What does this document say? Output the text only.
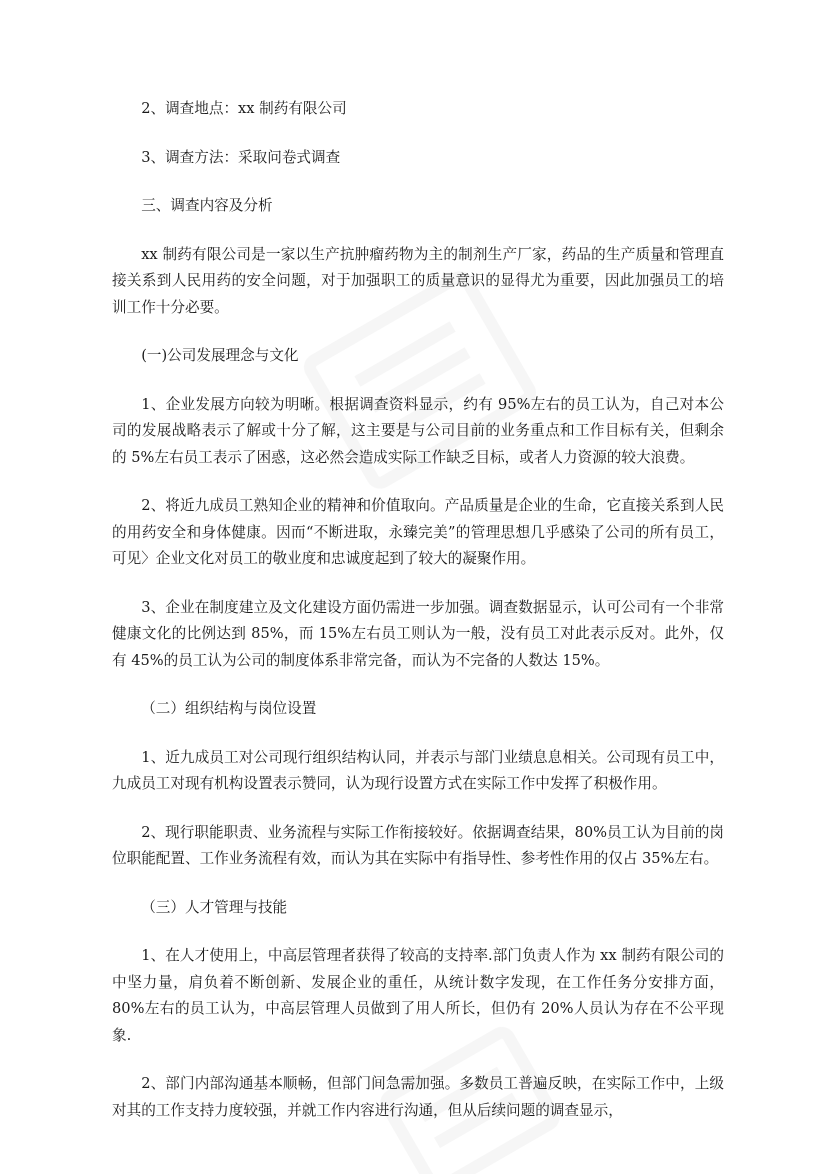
2、调查地点：xx 制药有限公司

3、调查方法：采取问卷式调查

三、调查内容及分析

xx 制药有限公司是一家以生产抗肿瘤药物为主的制剂生产厂家，药品的生产质量和管理直接关系到人民用药的安全问题，对于加强职工的质量意识的显得尤为重要，因此加强员工的培训工作十分必要。

(一)公司发展理念与文化

1、企业发展方向较为明晰。根据调查资料显示，约有 95%左右的员工认为，自己对本公司的发展战略表示了解或十分了解，这主要是与公司目前的业务重点和工作目标有关，但剩余的 5%左右员工表示了困惑，这必然会造成实际工作缺乏目标，或者人力资源的较大浪费。

2、将近九成员工熟知企业的精神和价值取向。产品质量是企业的生命，它直接关系到人民的用药安全和身体健康。因而“不断进取，永臻完美”的管理思想几乎感染了公司的所有员工，可见〉企业文化对员工的敬业度和忠诚度起到了较大的凝聚作用。

3、企业在制度建立及文化建设方面仍需进一步加强。调查数据显示，认可公司有一个非常健康文化的比例达到 85%，而 15%左右员工则认为一般，没有员工对此表示反对。此外，仅有 45%的员工认为公司的制度体系非常完备，而认为不完备的人数达 15%。

（二）组织结构与岗位设置

1、近九成员工对公司现行组织结构认同，并表示与部门业绩息息相关。公司现有员工中，九成员工对现有机构设置表示赞同，认为现行设置方式在实际工作中发挥了积极作用。

2、现行职能职责、业务流程与实际工作衔接较好。依据调查结果，80%员工认为目前的岗位职能配置、工作业务流程有效，而认为其在实际中有指导性、参考性作用的仅占 35%左右。

（三）人才管理与技能

1、在人才使用上，中高层管理者获得了较高的支持率.部门负责人作为 xx 制药有限公司的中坚力量，肩负着不断创新、发展企业的重任，从统计数字发现，在工作任务分安排方面，80%左右的员工认为，中高层管理人员做到了用人所长，但仍有 20%人员认为存在不公平现象.

2、部门内部沟通基本顺畅，但部门间急需加强。多数员工普遍反映，在实际工作中，上级对其的工作支持力度较强，并就工作内容进行沟通，但从后续问题的调查显示，
